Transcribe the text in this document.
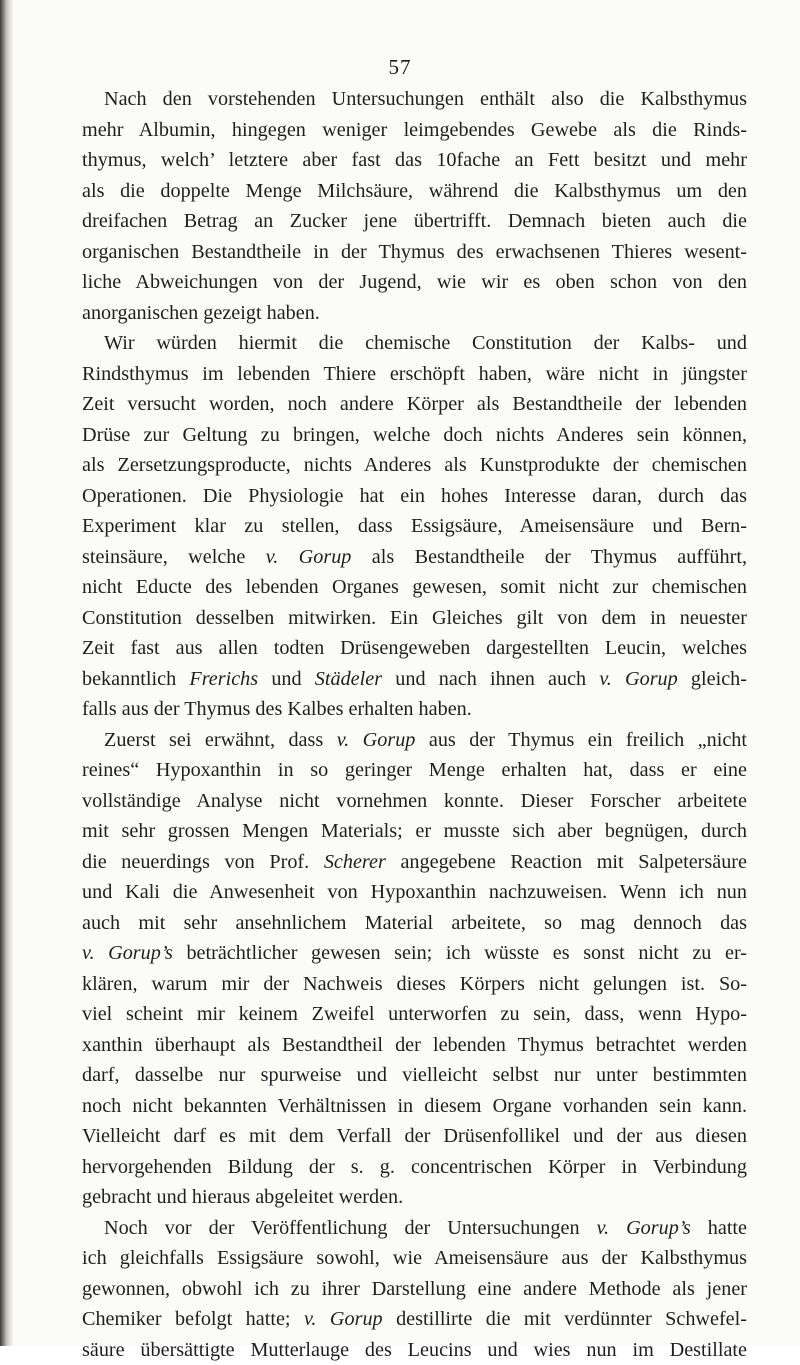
57
Nach den vorstehenden Untersuchungen enthält also die Kalbsthymus
mehr Albumin, hingegen weniger leimgebendes Gewebe als die Rinds-
thymus, welch’ letztere aber fast das 10fache an Fett besitzt und mehr
als die doppelte Menge Milchsäure, während die Kalbsthymus um den
dreifachen Betrag an Zucker jene übertrifft. Demnach bieten auch die
organischen Bestandtheile in der Thymus des erwachsenen Thieres wesent-
liche Abweichungen von der Jugend, wie wir es oben schon von den
anorganischen gezeigt haben.
Wir würden hiermit die chemische Constitution der Kalbs- und
Rindsthymus im lebenden Thiere erschöpft haben, wäre nicht in jüngster
Zeit versucht worden, noch andere Körper als Bestandtheile der lebenden
Drüse zur Geltung zu bringen, welche doch nichts Anderes sein können,
als Zersetzungsproducte, nichts Anderes als Kunstprodukte der chemischen
Operationen. Die Physiologie hat ein hohes Interesse daran, durch das
Experiment klar zu stellen, dass Essigsäure, Ameisensäure und Bern-
steinsäure, welche v. Gorup als Bestandtheile der Thymus aufführt,
nicht Educte des lebenden Organes gewesen, somit nicht zur chemischen
Constitution desselben mitwirken. Ein Gleiches gilt von dem in neuester
Zeit fast aus allen todten Drüsengeweben dargestellten Leucin, welches
bekanntlich Frerichs und Städeler und nach ihnen auch v. Gorup gleich-
falls aus der Thymus des Kalbes erhalten haben.
Zuerst sei erwähnt, dass v. Gorup aus der Thymus ein freilich „nicht
reines“ Hypoxanthin in so geringer Menge erhalten hat, dass er eine
vollständige Analyse nicht vornehmen konnte. Dieser Forscher arbeitete
mit sehr grossen Mengen Materials; er musste sich aber begnügen, durch
die neuerdings von Prof. Scherer angegebene Reaction mit Salpetersäure
und Kali die Anwesenheit von Hypoxanthin nachzuweisen. Wenn ich nun
auch mit sehr ansehnlichem Material arbeitete, so mag dennoch das
v. Gorup’s beträchtlicher gewesen sein; ich wüsste es sonst nicht zu er-
klären, warum mir der Nachweis dieses Körpers nicht gelungen ist. So-
viel scheint mir keinem Zweifel unterworfen zu sein, dass, wenn Hypo-
xanthin überhaupt als Bestandtheil der lebenden Thymus betrachtet werden
darf, dasselbe nur spurweise und vielleicht selbst nur unter bestimmten
noch nicht bekannten Verhältnissen in diesem Organe vorhanden sein kann.
Vielleicht darf es mit dem Verfall der Drüsenfollikel und der aus diesen
hervorgehenden Bildung der s. g. concentrischen Körper in Verbindung
gebracht und hieraus abgeleitet werden.
Noch vor der Veröffentlichung der Untersuchungen v. Gorup’s hatte
ich gleichfalls Essigsäure sowohl, wie Ameisensäure aus der Kalbsthymus
gewonnen, obwohl ich zu ihrer Darstellung eine andere Methode als jener
Chemiker befolgt hatte; v. Gorup destillirte die mit verdünnter Schwefel-
säure übersättigte Mutterlauge des Leucins und wies nun im Destillate
